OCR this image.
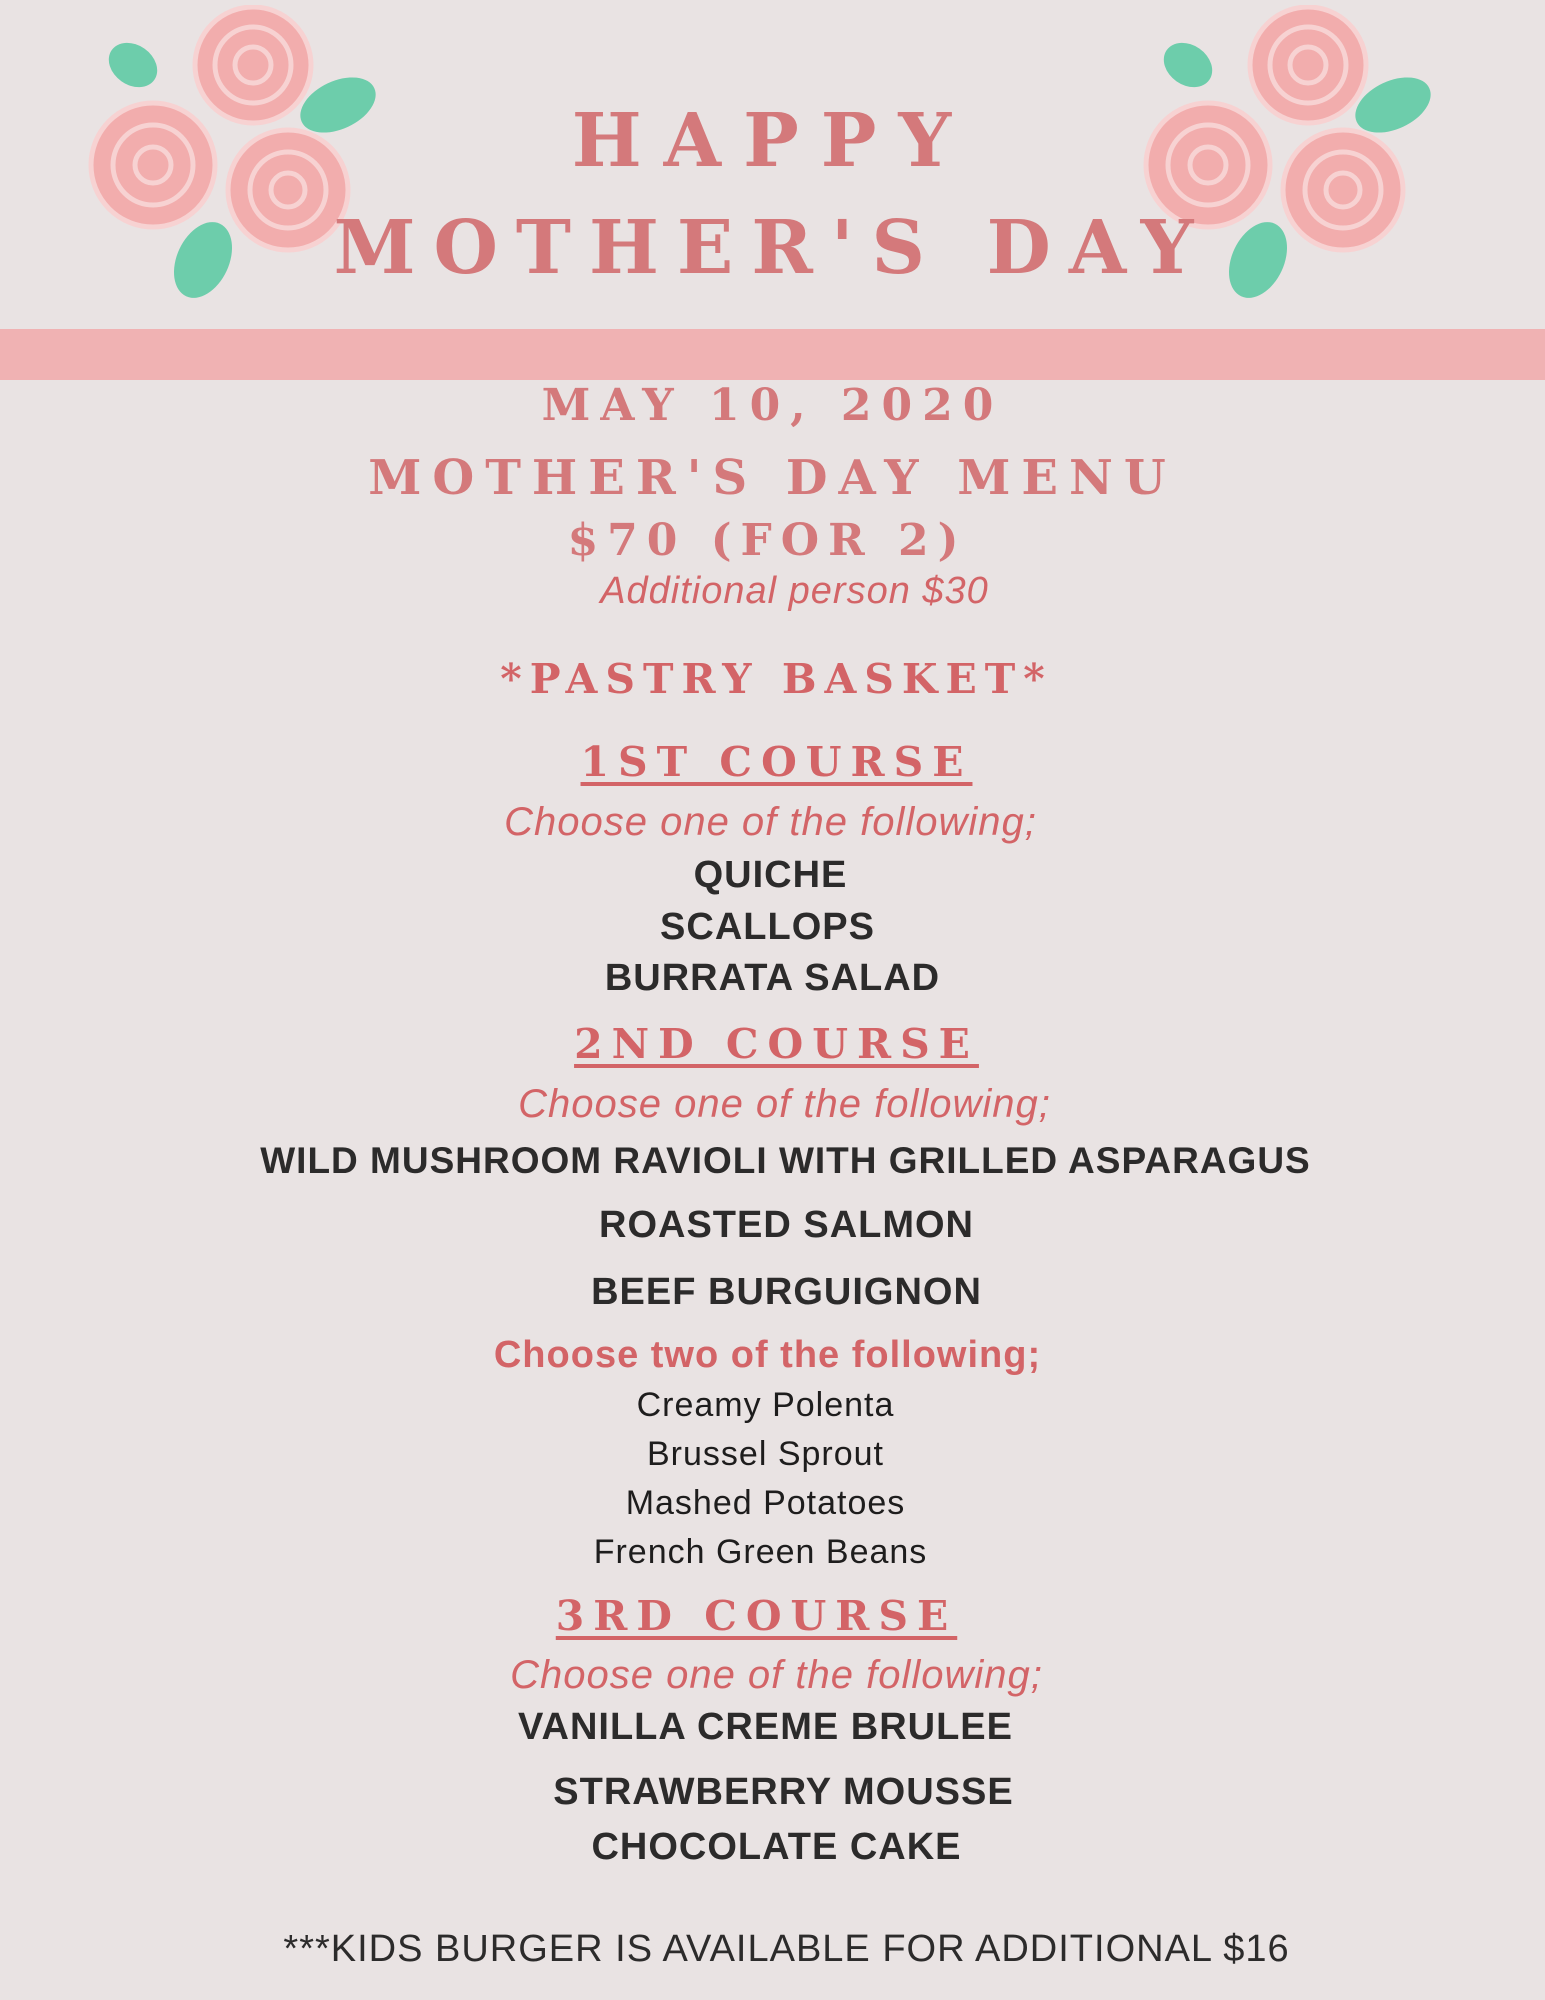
HAPPY
MOTHER'S DAY
MAY 10, 2020
MOTHER'S DAY MENU
$70 (FOR 2)
Additional person $30
*PASTRY BASKET*
1ST COURSE
Choose one of the following;
QUICHE
SCALLOPS
BURRATA SALAD
2ND COURSE
Choose one of the following;
WILD MUSHROOM RAVIOLI WITH GRILLED ASPARAGUS
ROASTED SALMON
BEEF BURGUIGNON
Choose two of the following;
Creamy Polenta
Brussel Sprout
Mashed Potatoes
French Green Beans
3RD COURSE
Choose one of the following;
VANILLA CREME BRULEE
STRAWBERRY MOUSSE
CHOCOLATE CAKE
***KIDS BURGER IS AVAILABLE FOR ADDITIONAL $16
